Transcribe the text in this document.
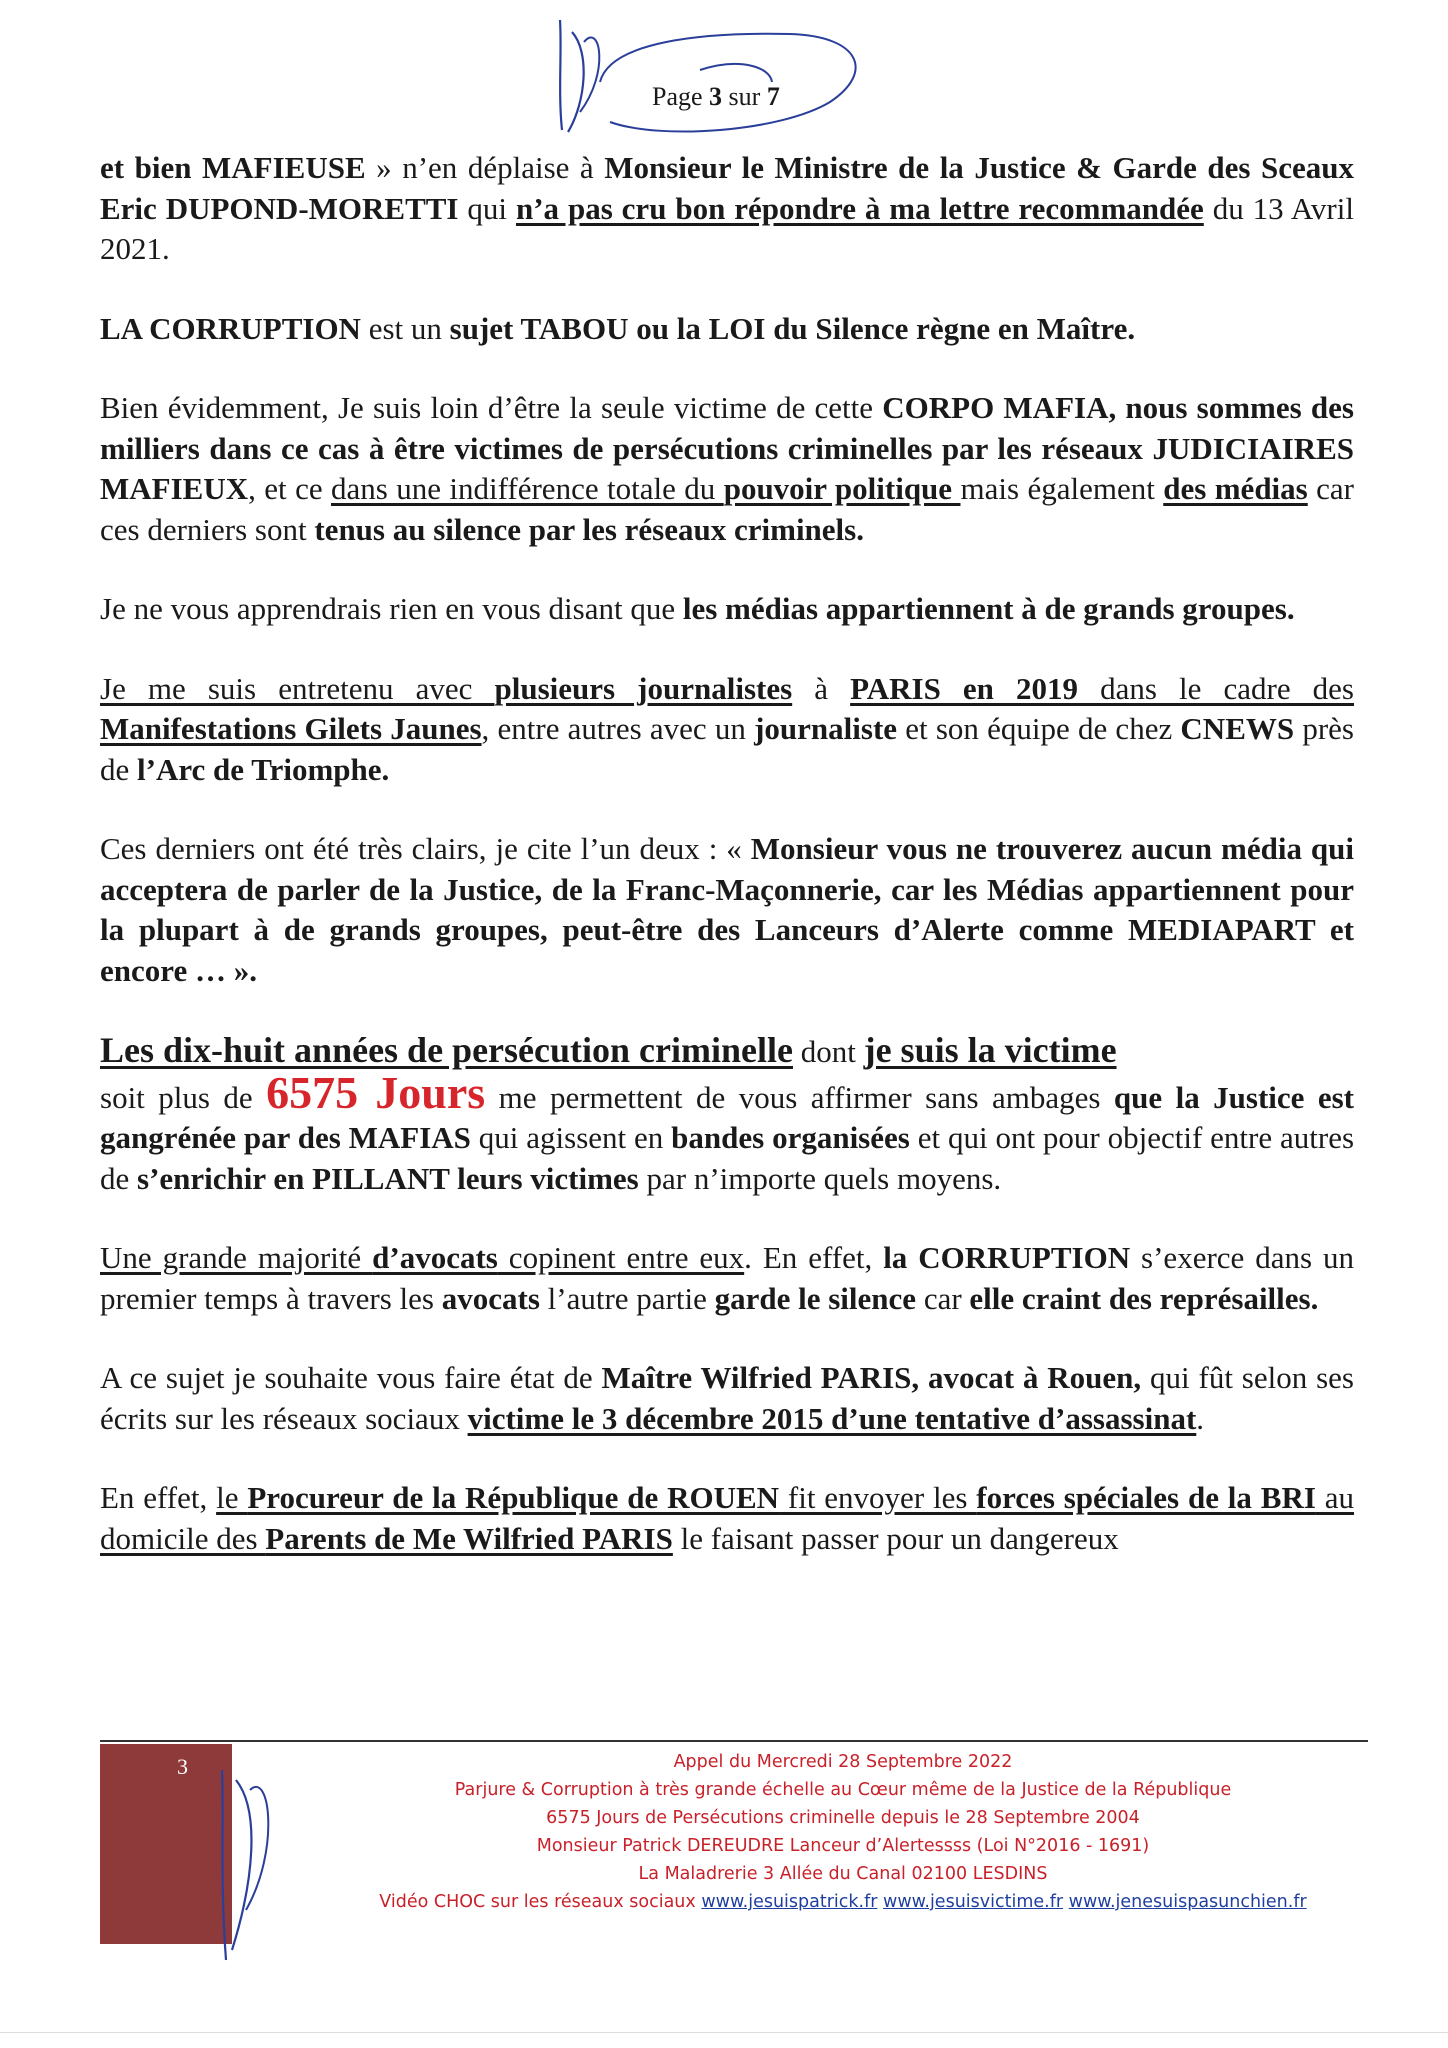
Page 3 sur 7

et bien MAFIEUSE » n’en déplaise à Monsieur le Ministre de la Justice & Garde des Sceaux Eric DUPOND-MORETTI qui n’a pas cru bon répondre à ma lettre recommandée du 13 Avril 2021.

LA CORRUPTION est un sujet TABOU ou la LOI du Silence règne en Maître.

Bien évidemment, Je suis loin d’être la seule victime de cette CORPO MAFIA, nous sommes des milliers dans ce cas à être victimes de persécutions criminelles par les réseaux JUDICIAIRES MAFIEUX, et ce dans une indifférence totale du pouvoir politique mais également des médias car ces derniers sont tenus au silence par les réseaux criminels.

Je ne vous apprendrais rien en vous disant que les médias appartiennent à de grands groupes.

Je me suis entretenu avec plusieurs journalistes à PARIS en 2019 dans le cadre des Manifestations Gilets Jaunes, entre autres avec un journaliste et son équipe de chez CNEWS près de l’Arc de Triomphe.

Ces derniers ont été très clairs, je cite l’un deux : « Monsieur vous ne trouverez aucun média qui acceptera de parler de la Justice, de la Franc-Maçonnerie, car les Médias appartiennent pour la plupart à de grands groupes, peut-être des Lanceurs d’Alerte comme MEDIAPART et encore … ».

Les dix-huit années de persécution criminelle dont je suis la victime
soit plus de 6575 Jours me permettent de vous affirmer sans ambages que la Justice est gangrénée par des MAFIAS qui agissent en bandes organisées et qui ont pour objectif entre autres de s’enrichir en PILLANT leurs victimes par n’importe quels moyens.

Une grande majorité d’avocats copinent entre eux. En effet, la CORRUPTION s’exerce dans un premier temps à travers les avocats l’autre partie garde le silence car elle craint des représailles.

A ce sujet je souhaite vous faire état de Maître Wilfried PARIS, avocat à Rouen, qui fût selon ses écrits sur les réseaux sociaux victime le 3 décembre 2015 d’une tentative d’assassinat.

En effet, le Procureur de la République de ROUEN fit envoyer les forces spéciales de la BRI au domicile des Parents de Me Wilfried PARIS le faisant passer pour un dangereux

3	Appel du Mercredi 28 Septembre 2022
Parjure & Corruption à très grande échelle au Cœur même de la Justice de la République
6575 Jours de Persécutions criminelle depuis le 28 Septembre 2004
Monsieur Patrick DEREUDRE Lanceur d’Alertessss (Loi N°2016 - 1691)
La Maladrerie 3 Allée du Canal 02100 LESDINS
Vidéo CHOC sur les réseaux sociaux www.jesuispatrick.fr www.jesuisvictime.fr www.jenesuispasunchien.fr
